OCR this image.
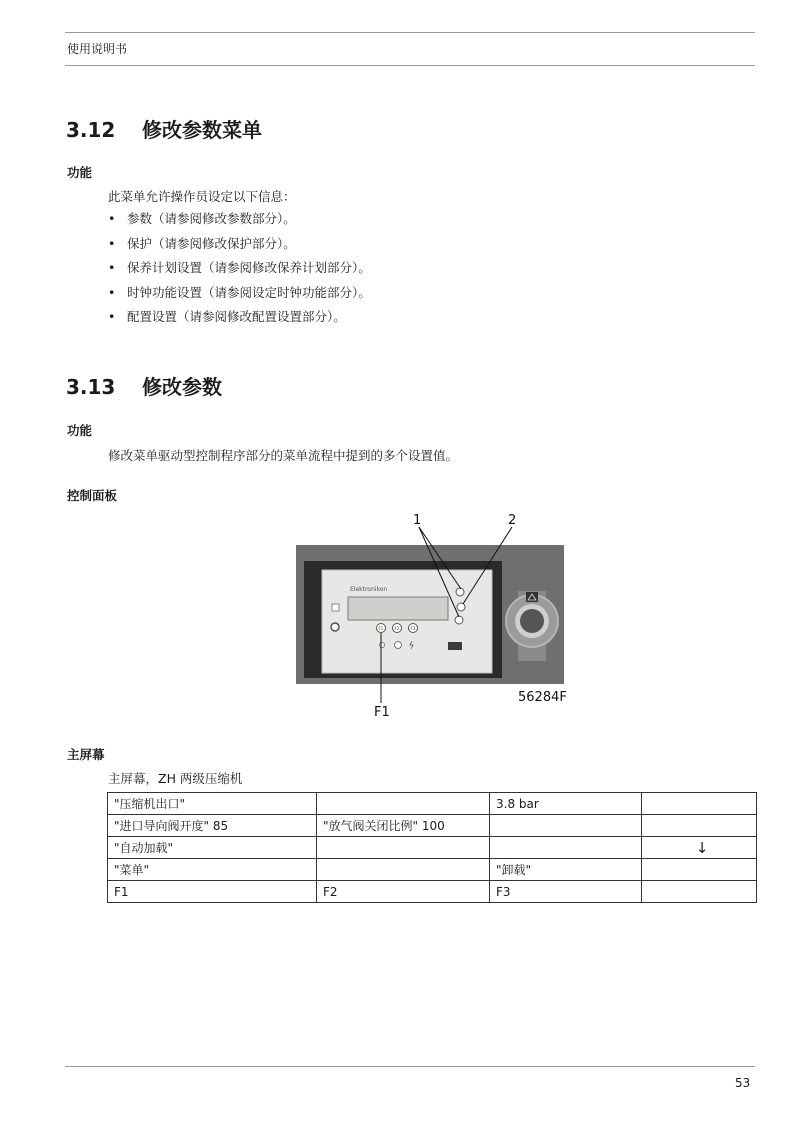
使用说明书
3.12 修改参数菜单
功能
此菜单允许操作员设定以下信息：
• 参数（请参阅修改参数部分）。
• 保护（请参阅修改保护部分）。
• 保养计划设置（请参阅修改保养计划部分）。
• 时钟功能设置（请参阅设定时钟功能部分）。
• 配置设置（请参阅修改配置设置部分）。
3.13 修改参数
功能
修改菜单驱动型控制程序部分的菜单流程中提到的多个设置值。
控制面板
Elektronikon
F1	F2	F3
1	2
F1
56284F
主屏幕
主屏幕，ZH 两级压缩机
"压缩机出口"		3.8 bar	
"进口导向阀开度" 85	"放气阀关闭比例" 100		
"自动加载"			↓
"菜单"		"卸载"	
F1	F2	F3	
53
